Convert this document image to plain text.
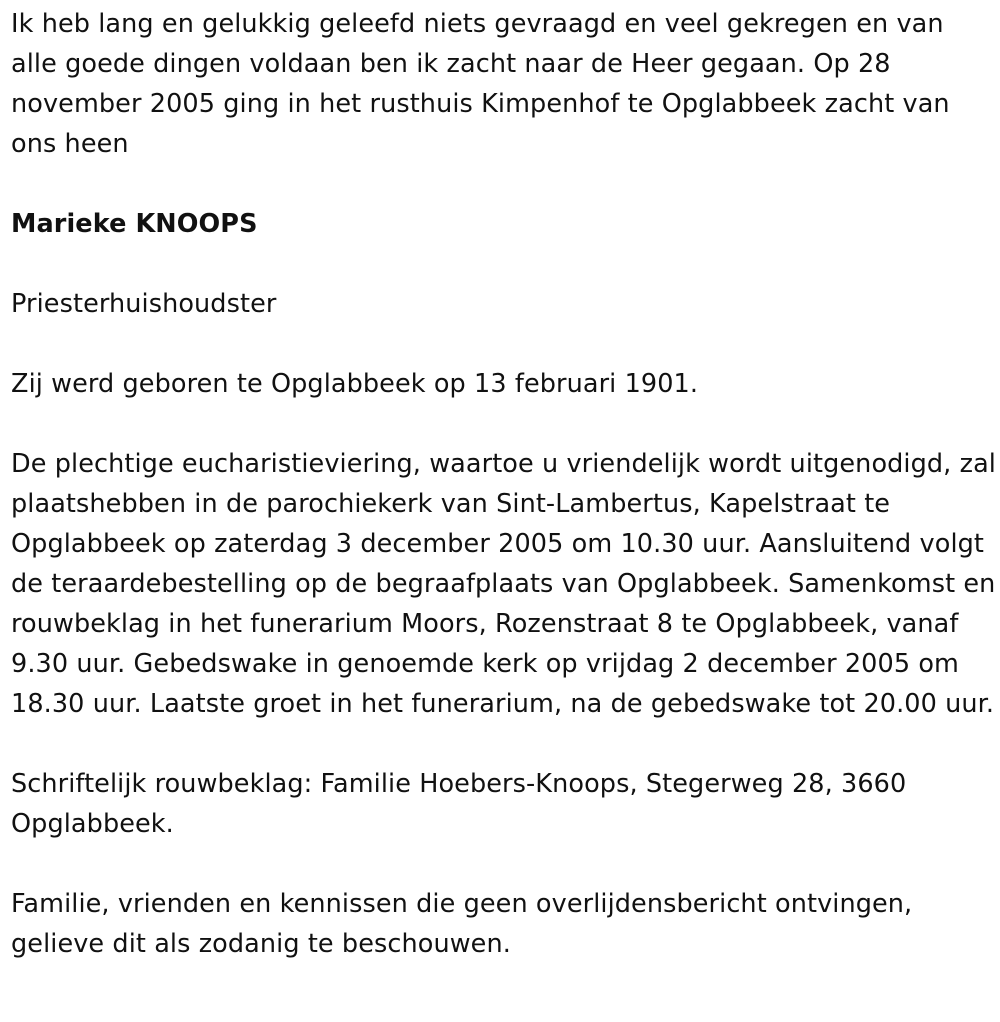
Ik heb lang en gelukkig geleefd niets gevraagd en veel gekregen en van alle goede dingen voldaan ben ik zacht naar de Heer gegaan. Op 28 november 2005 ging in het rusthuis Kimpenhof te Opglabbeek zacht van ons heen

Marieke KNOOPS

Priesterhuishoudster

Zij werd geboren te Opglabbeek op 13 februari 1901.

De plechtige eucharistieviering, waartoe u vriendelijk wordt uitgenodigd, zal plaatshebben in de parochiekerk van Sint-Lambertus, Kapelstraat te Opglabbeek op zaterdag 3 december 2005 om 10.30 uur. Aansluitend volgt de teraardebestelling op de begraafplaats van Opglabbeek. Samenkomst en rouwbeklag in het funerarium Moors, Rozenstraat 8 te Opglabbeek, vanaf 9.30 uur. Gebedswake in genoemde kerk op vrijdag 2 december 2005 om 18.30 uur. Laatste groet in het funerarium, na de gebedswake tot 20.00 uur.

Schriftelijk rouwbeklag: Familie Hoebers-Knoops, Stegerweg 28, 3660 Opglabbeek.

Familie, vrienden en kennissen die geen overlijdensbericht ontvingen, gelieve dit als zodanig te beschouwen.
